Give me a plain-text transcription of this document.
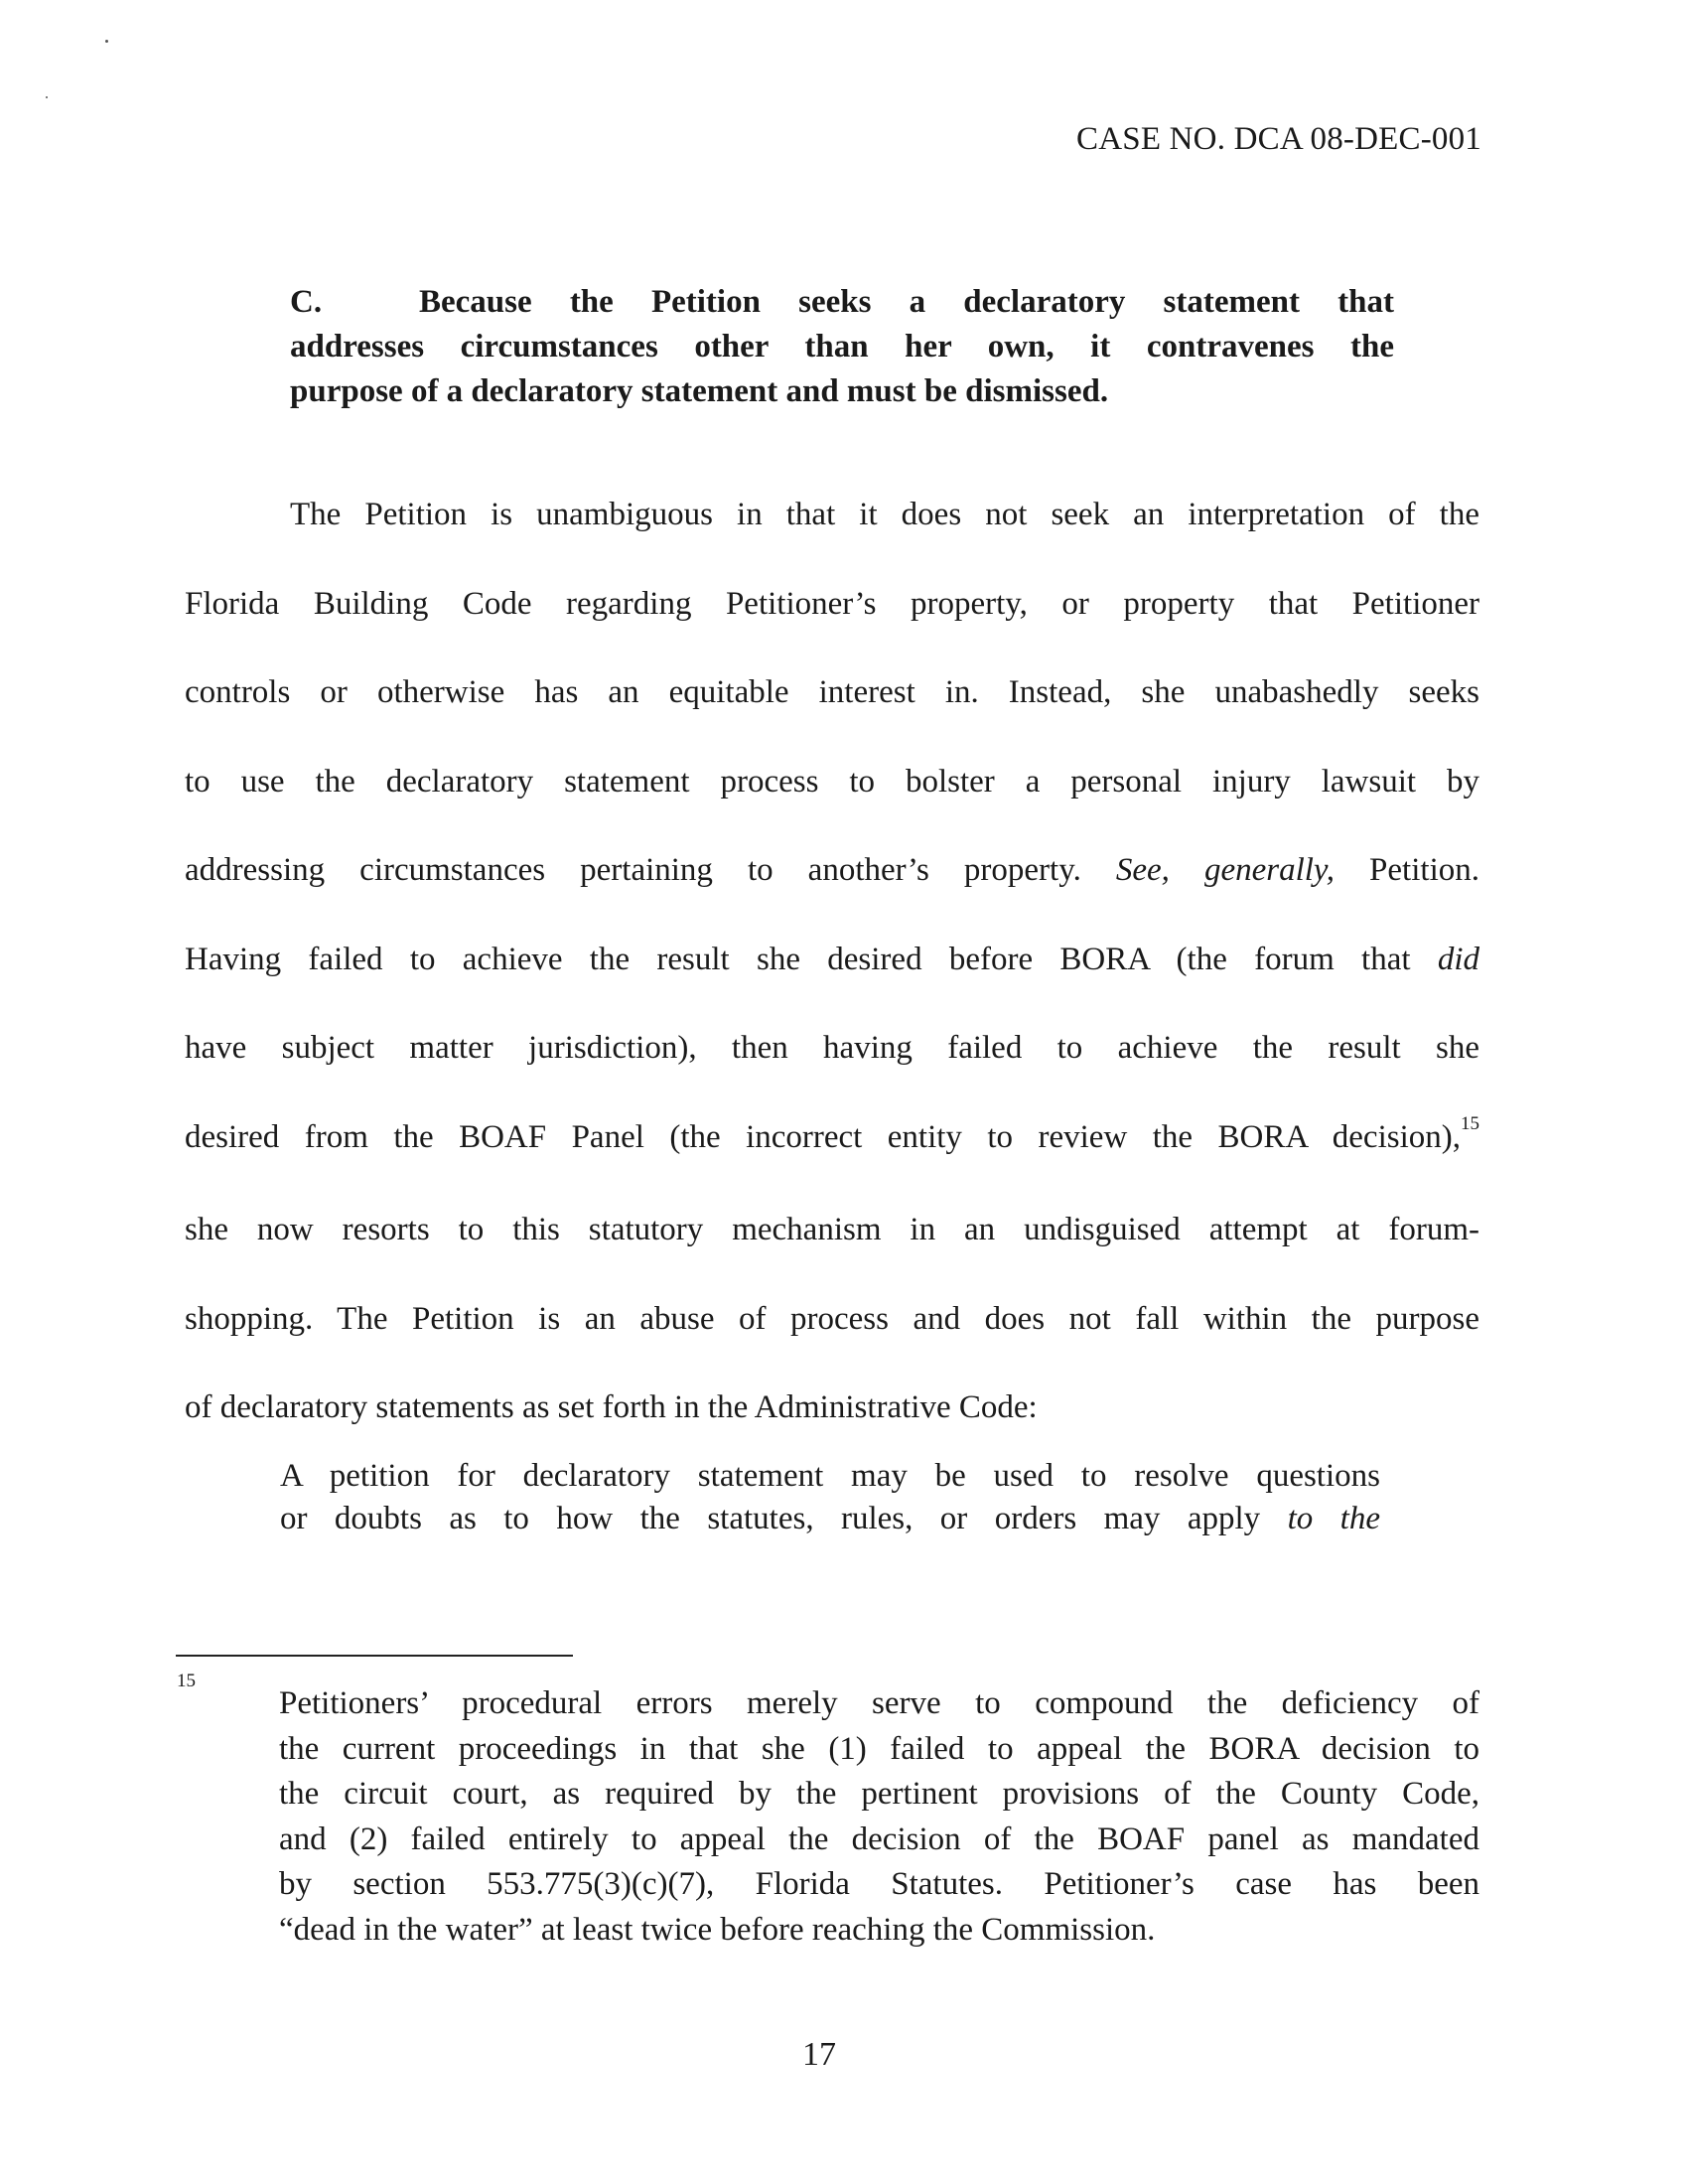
CASE NO. DCA 08-DEC-001
C.	Because the Petition seeks a declaratory statement that
addresses circumstances other than her own, it contravenes the
purpose of a declaratory statement and must be dismissed.
The Petition is unambiguous in that it does not seek an interpretation of the
Florida Building Code regarding Petitioner’s property, or property that Petitioner
controls or otherwise has an equitable interest in. Instead, she unabashedly seeks
to use the declaratory statement process to bolster a personal injury lawsuit by
addressing circumstances pertaining to another’s property. See, generally, Petition.
Having failed to achieve the result she desired before BORA (the forum that did
have subject matter jurisdiction), then having failed to achieve the result she
desired from the BOAF Panel (the incorrect entity to review the BORA decision),$^{15}$
she now resorts to this statutory mechanism in an undisguised attempt at forum-
shopping. The Petition is an abuse of process and does not fall within the purpose
of declaratory statements as set forth in the Administrative Code:
A petition for declaratory statement may be used to resolve questions
or doubts as to how the statutes, rules, or orders may apply to the
15
Petitioners’ procedural errors merely serve to compound the deficiency of
the current proceedings in that she (1) failed to appeal the BORA decision to
the circuit court, as required by the pertinent provisions of the County Code,
and (2) failed entirely to appeal the decision of the BOAF panel as mandated
by section 553.775(3)(c)(7), Florida Statutes. Petitioner’s case has been
“dead in the water” at least twice before reaching the Commission.
17
